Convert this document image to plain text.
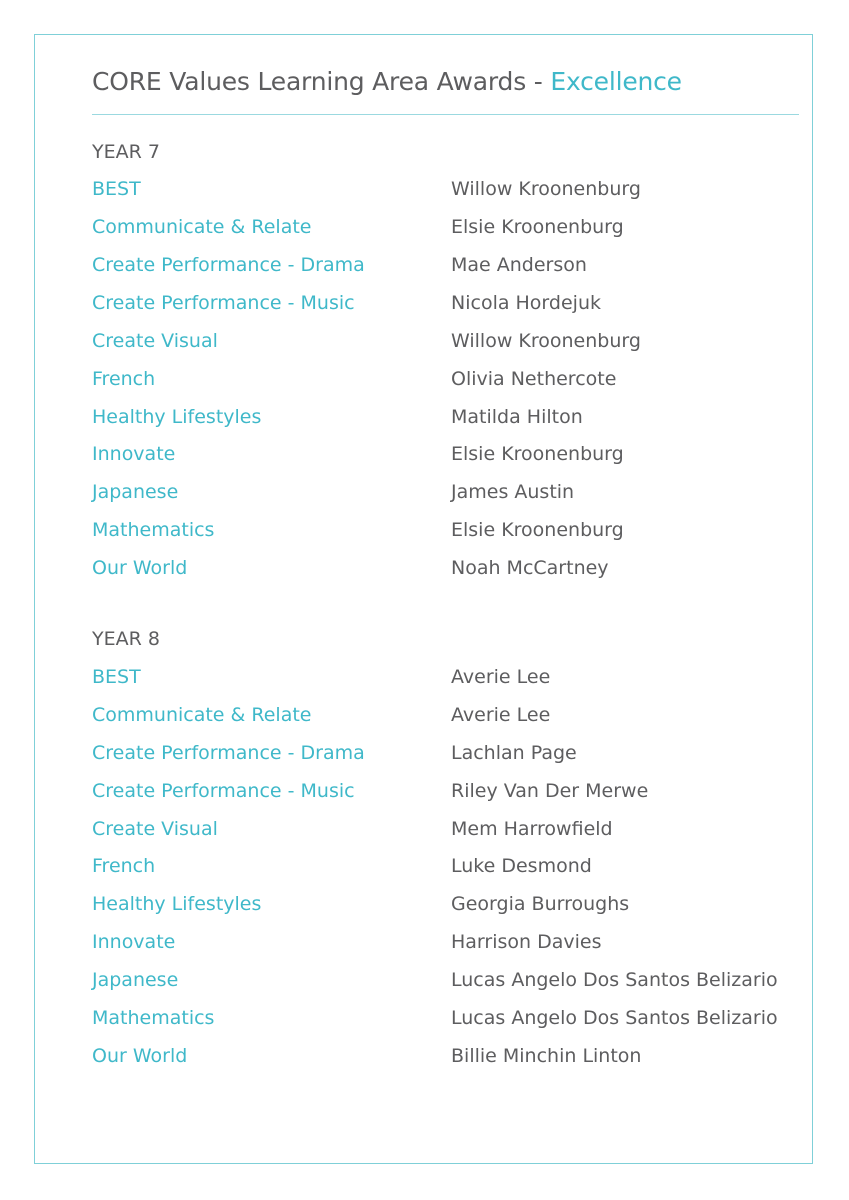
CORE Values Learning Area Awards - Excellence
YEAR 7
BEST	Willow Kroonenburg
Communicate & Relate	Elsie Kroonenburg
Create Performance - Drama	Mae Anderson
Create Performance - Music	Nicola Hordejuk
Create Visual	Willow Kroonenburg
French	Olivia Nethercote
Healthy Lifestyles	Matilda Hilton
Innovate	Elsie Kroonenburg
Japanese	James Austin
Mathematics	Elsie Kroonenburg
Our World	Noah McCartney
YEAR 8
BEST	Averie Lee
Communicate & Relate	Averie Lee
Create Performance - Drama	Lachlan Page
Create Performance - Music	Riley Van Der Merwe
Create Visual	Mem Harrowfield
French	Luke Desmond
Healthy Lifestyles	Georgia Burroughs
Innovate	Harrison Davies
Japanese	Lucas Angelo Dos Santos Belizario
Mathematics	Lucas Angelo Dos Santos Belizario
Our World	Billie Minchin Linton
